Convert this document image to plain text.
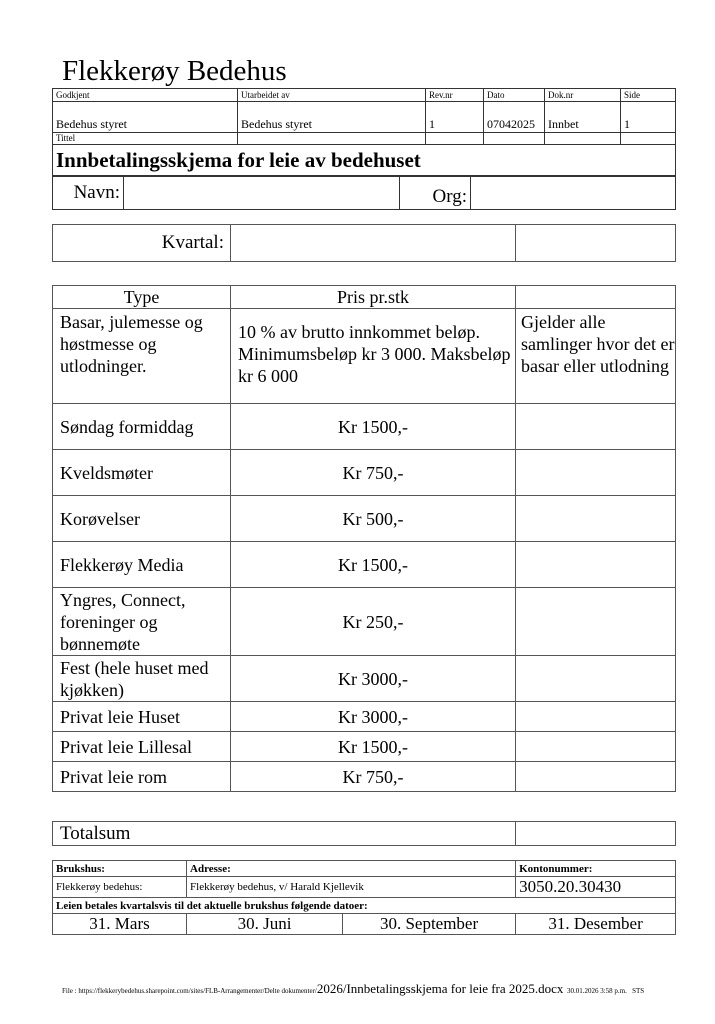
Flekkerøy Bedehus
Godkjent	Utarbeidet av	Rev.nr	Dato	Dok.nr	Side
Bedehus styret	Bedehus styret	1	07042025	Innbet	1
Tittel					
Innbetalingsskjema for leie av bedehuset					
Navn:		Org:	
Kvartal:		
Type	Pris pr.stk	
Basar, julemesse og høstmesse og utlodninger.	10 % av brutto innkommet beløp. Minimumsbeløp kr 3 000. Maksbeløp kr 6 000	Gjelder alle samlinger hvor det er basar eller utlodning
Søndag formiddag	Kr 1500,-	
Kveldsmøter	Kr 750,-	
Korøvelser	Kr 500,-	
Flekkerøy Media	Kr 1500,-	
Yngres, Connect, foreninger og bønnemøte	Kr 250,-	
Fest (hele huset med kjøkken)	Kr 3000,-	
Privat leie Huset	Kr 3000,-	
Privat leie Lillesal	Kr 1500,-	
Privat leie rom	Kr 750,-	
Totalsum	
Brukshus:	Adresse:		Kontonummer:
Flekkerøy bedehus:	Flekkerøy bedehus, v/ Harald Kjellevik		3050.20.30430
Leien betales kvartalsvis til det aktuelle brukshus følgende datoer:			
31. Mars	30. Juni	30. September	31. Desember
File : https://flekkerybedehus.sharepoint.com/sites/FLB-Arrangementer/Delte dokumenter/2026/Innbetalingsskjema for leie fra 2025.docx 30.01.2026 3:58 p.m. STS
